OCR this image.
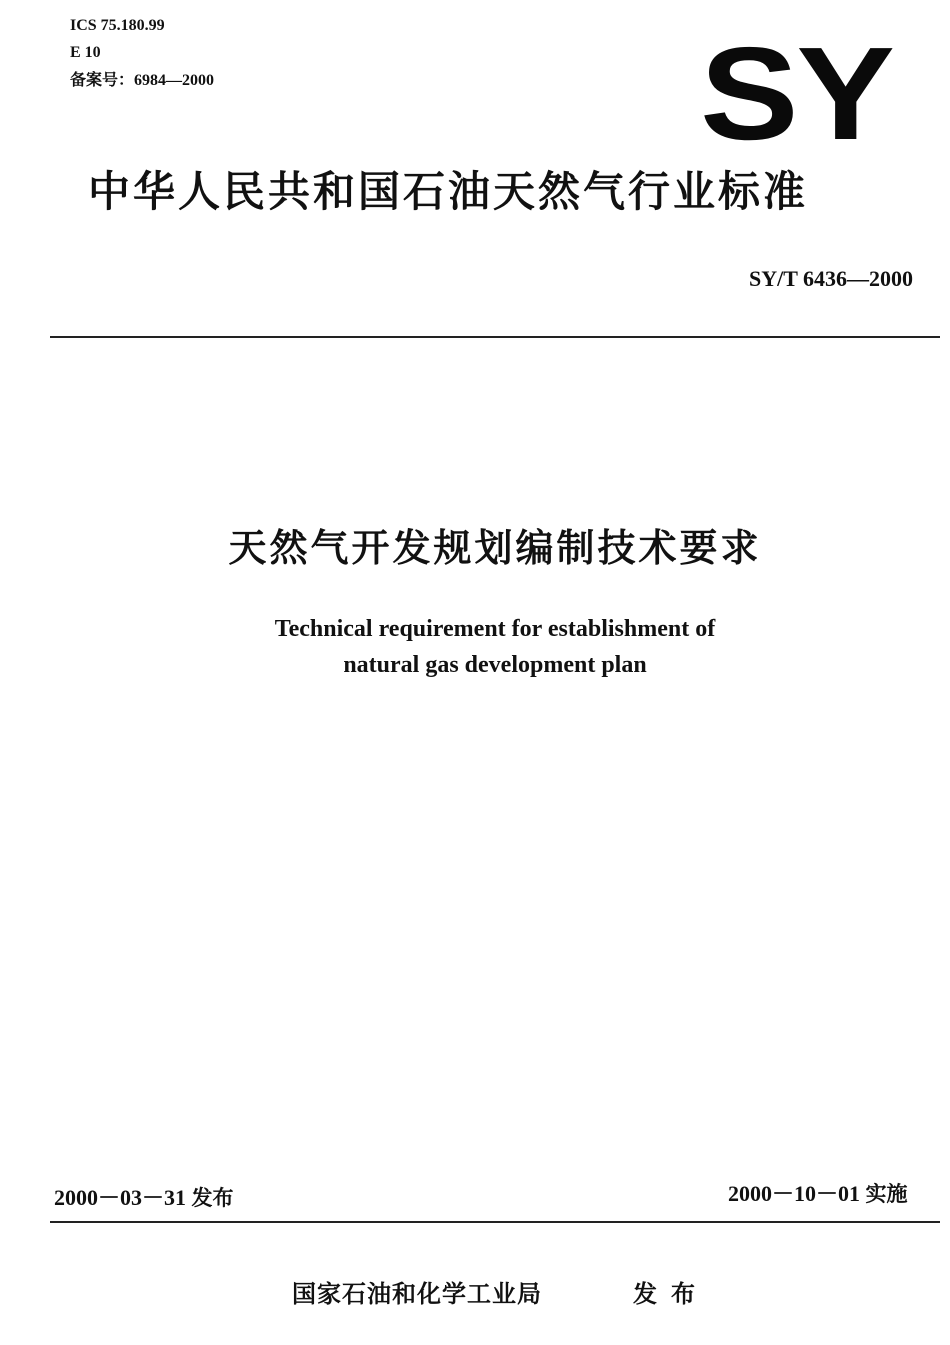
ICS 75.180.99
E 10
备案号：6984—2000	SY
中华人民共和国石油天然气行业标准
SY/T 6436—2000
天然气开发规划编制技术要求
Technical requirement for establishment of
natural gas development plan
2000－03－31 发布	2000－10－01 实施
国家石油和化学工业局	发布
